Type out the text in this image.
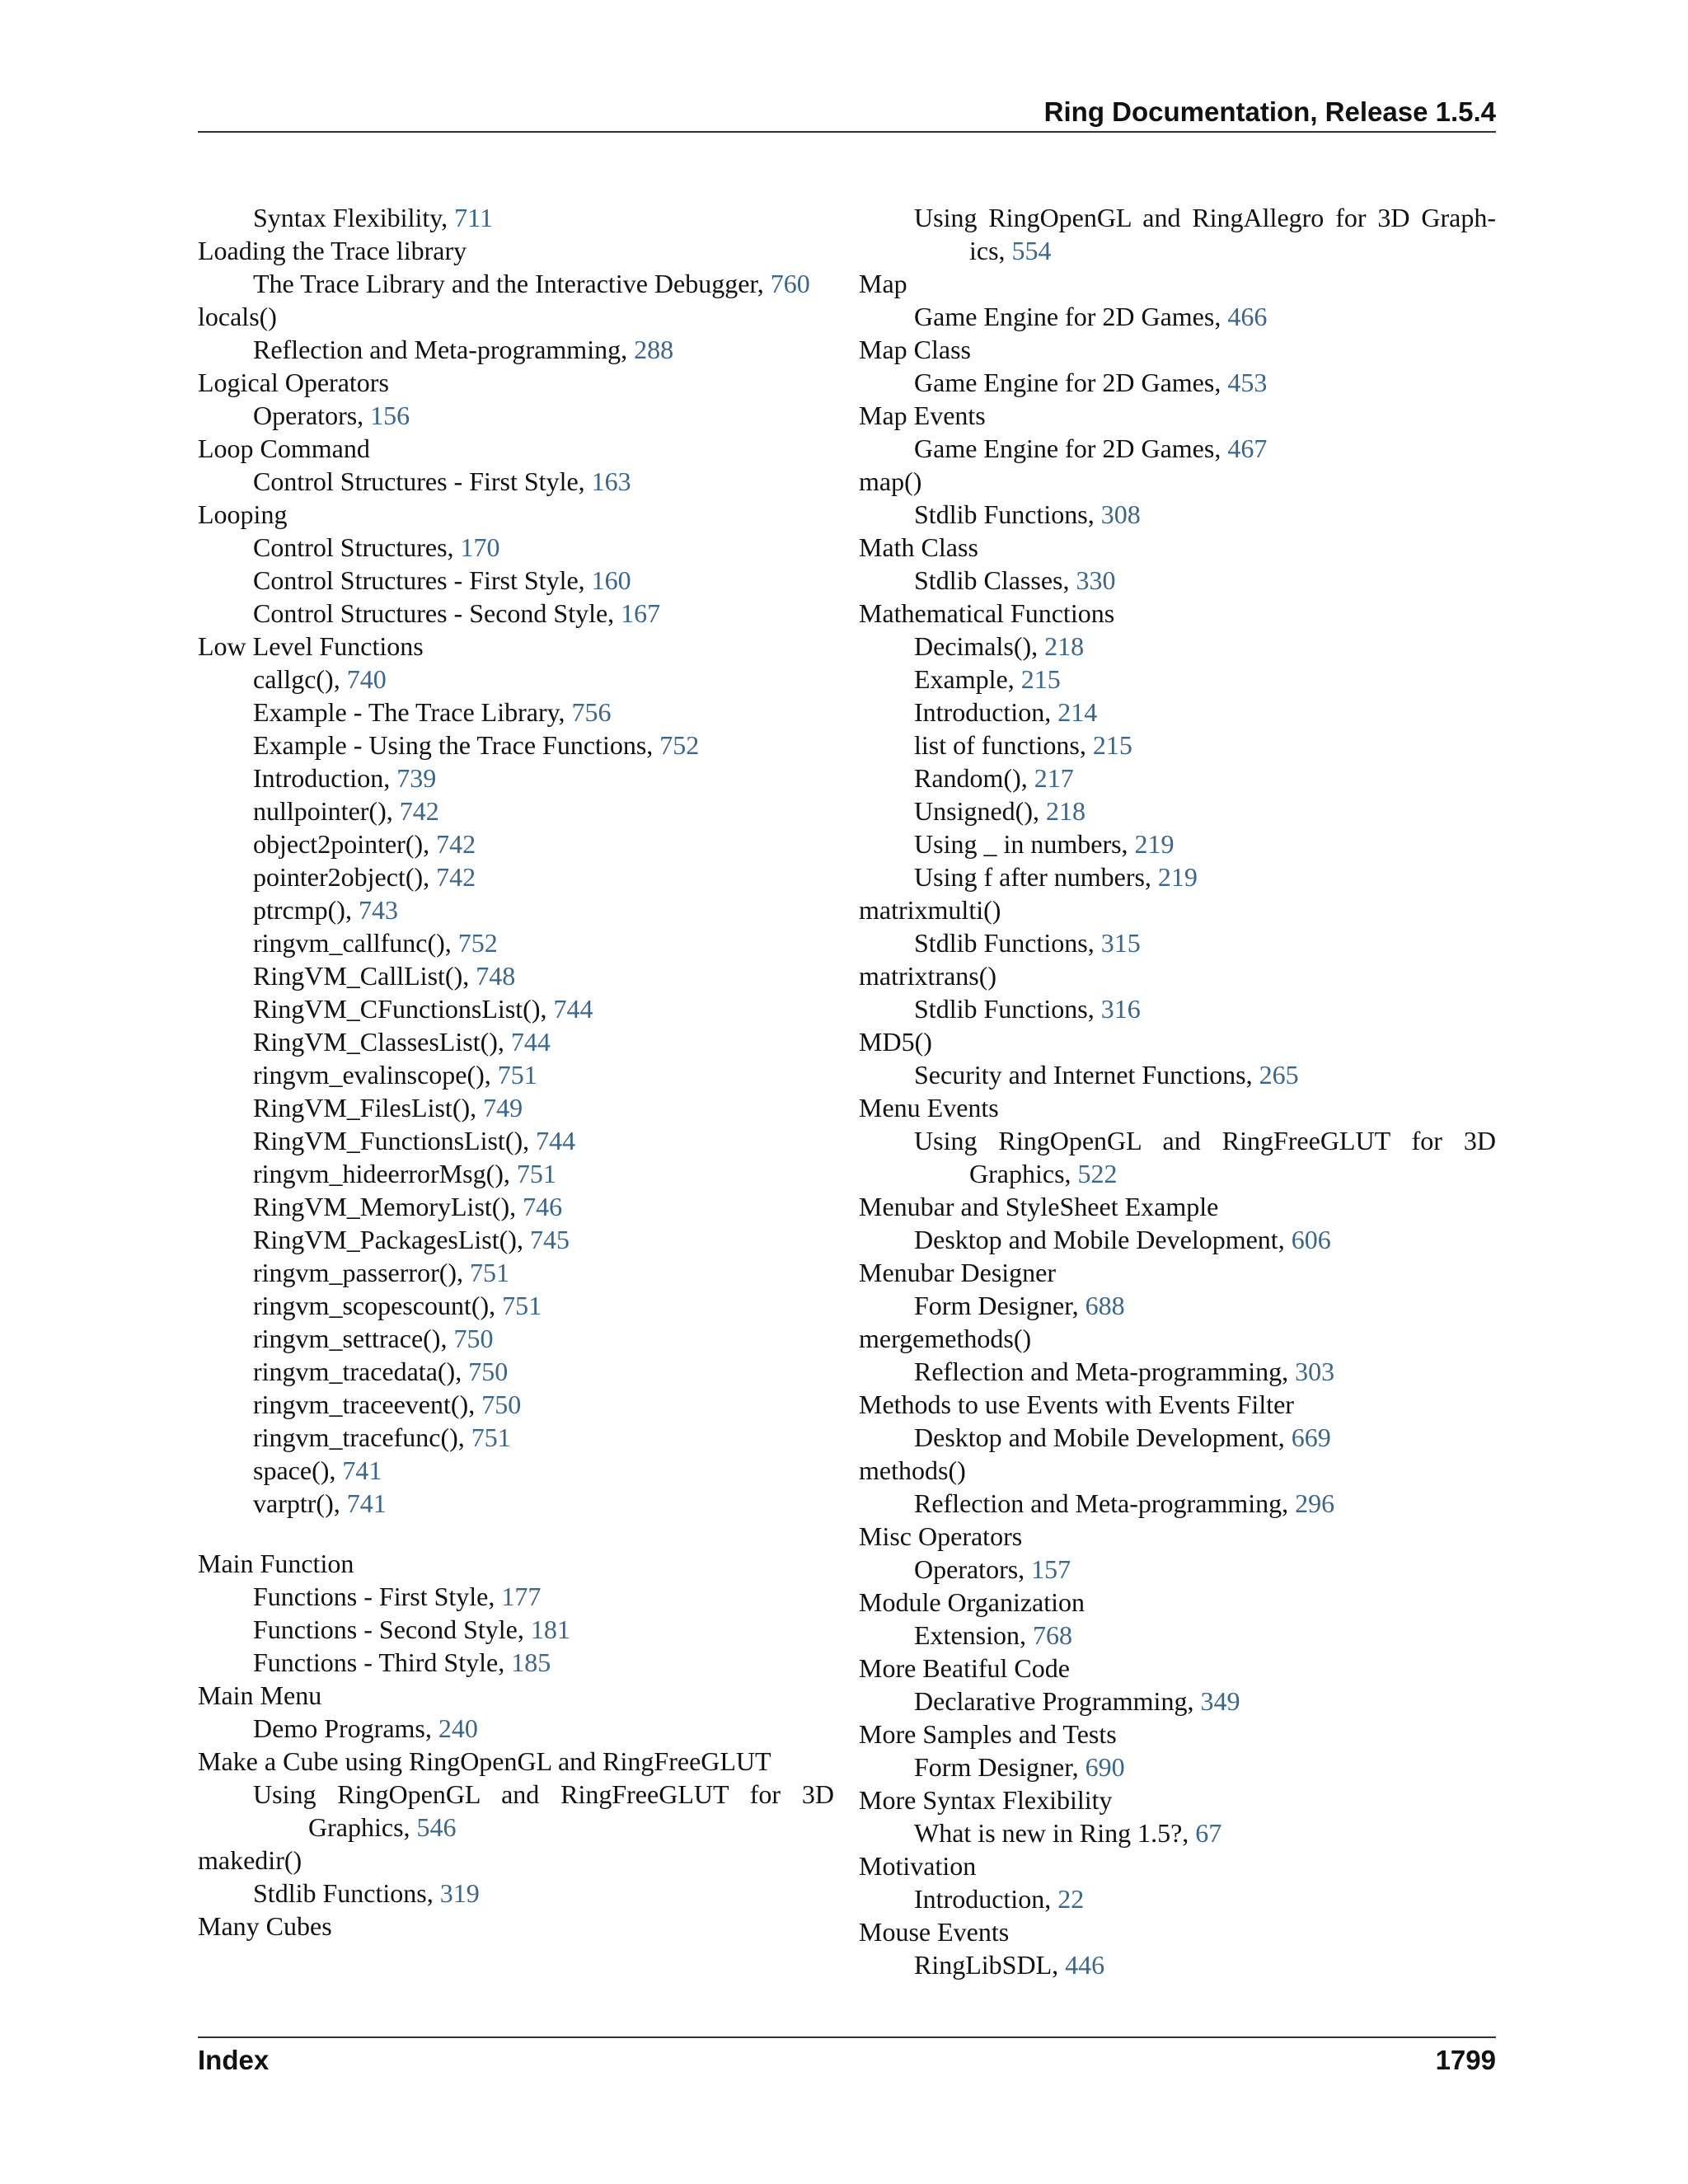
Ring Documentation, Release 1.5.4
Syntax Flexibility, 711
Loading the Trace library
The Trace Library and the Interactive Debugger, 760
locals()
Reflection and Meta-programming, 288
Logical Operators
Operators, 156
Loop Command
Control Structures - First Style, 163
Looping
Control Structures, 170
Control Structures - First Style, 160
Control Structures - Second Style, 167
Low Level Functions
callgc(), 740
Example - The Trace Library, 756
Example - Using the Trace Functions, 752
Introduction, 739
nullpointer(), 742
object2pointer(), 742
pointer2object(), 742
ptrcmp(), 743
ringvm_callfunc(), 752
RingVM_CallList(), 748
RingVM_CFunctionsList(), 744
RingVM_ClassesList(), 744
ringvm_evalinscope(), 751
RingVM_FilesList(), 749
RingVM_FunctionsList(), 744
ringvm_hideerrorMsg(), 751
RingVM_MemoryList(), 746
RingVM_PackagesList(), 745
ringvm_passerror(), 751
ringvm_scopescount(), 751
ringvm_settrace(), 750
ringvm_tracedata(), 750
ringvm_traceevent(), 750
ringvm_tracefunc(), 751
space(), 741
varptr(), 741
Main Function
Functions - First Style, 177
Functions - Second Style, 181
Functions - Third Style, 185
Main Menu
Demo Programs, 240
Make a Cube using RingOpenGL and RingFreeGLUT
Using RingOpenGL and RingFreeGLUT for 3D Graphics, 546
makedir()
Stdlib Functions, 319
Many Cubes
Using RingOpenGL and RingAllegro for 3D Graph-ics, 554
Map
Game Engine for 2D Games, 466
Map Class
Game Engine for 2D Games, 453
Map Events
Game Engine for 2D Games, 467
map()
Stdlib Functions, 308
Math Class
Stdlib Classes, 330
Mathematical Functions
Decimals(), 218
Example, 215
Introduction, 214
list of functions, 215
Random(), 217
Unsigned(), 218
Using _ in numbers, 219
Using f after numbers, 219
matrixmulti()
Stdlib Functions, 315
matrixtrans()
Stdlib Functions, 316
MD5()
Security and Internet Functions, 265
Menu Events
Using RingOpenGL and RingFreeGLUT for 3D Graphics, 522
Menubar and StyleSheet Example
Desktop and Mobile Development, 606
Menubar Designer
Form Designer, 688
mergemethods()
Reflection and Meta-programming, 303
Methods to use Events with Events Filter
Desktop and Mobile Development, 669
methods()
Reflection and Meta-programming, 296
Misc Operators
Operators, 157
Module Organization
Extension, 768
More Beatiful Code
Declarative Programming, 349
More Samples and Tests
Form Designer, 690
More Syntax Flexibility
What is new in Ring 1.5?, 67
Motivation
Introduction, 22
Mouse Events
RingLibSDL, 446
Index	1799
